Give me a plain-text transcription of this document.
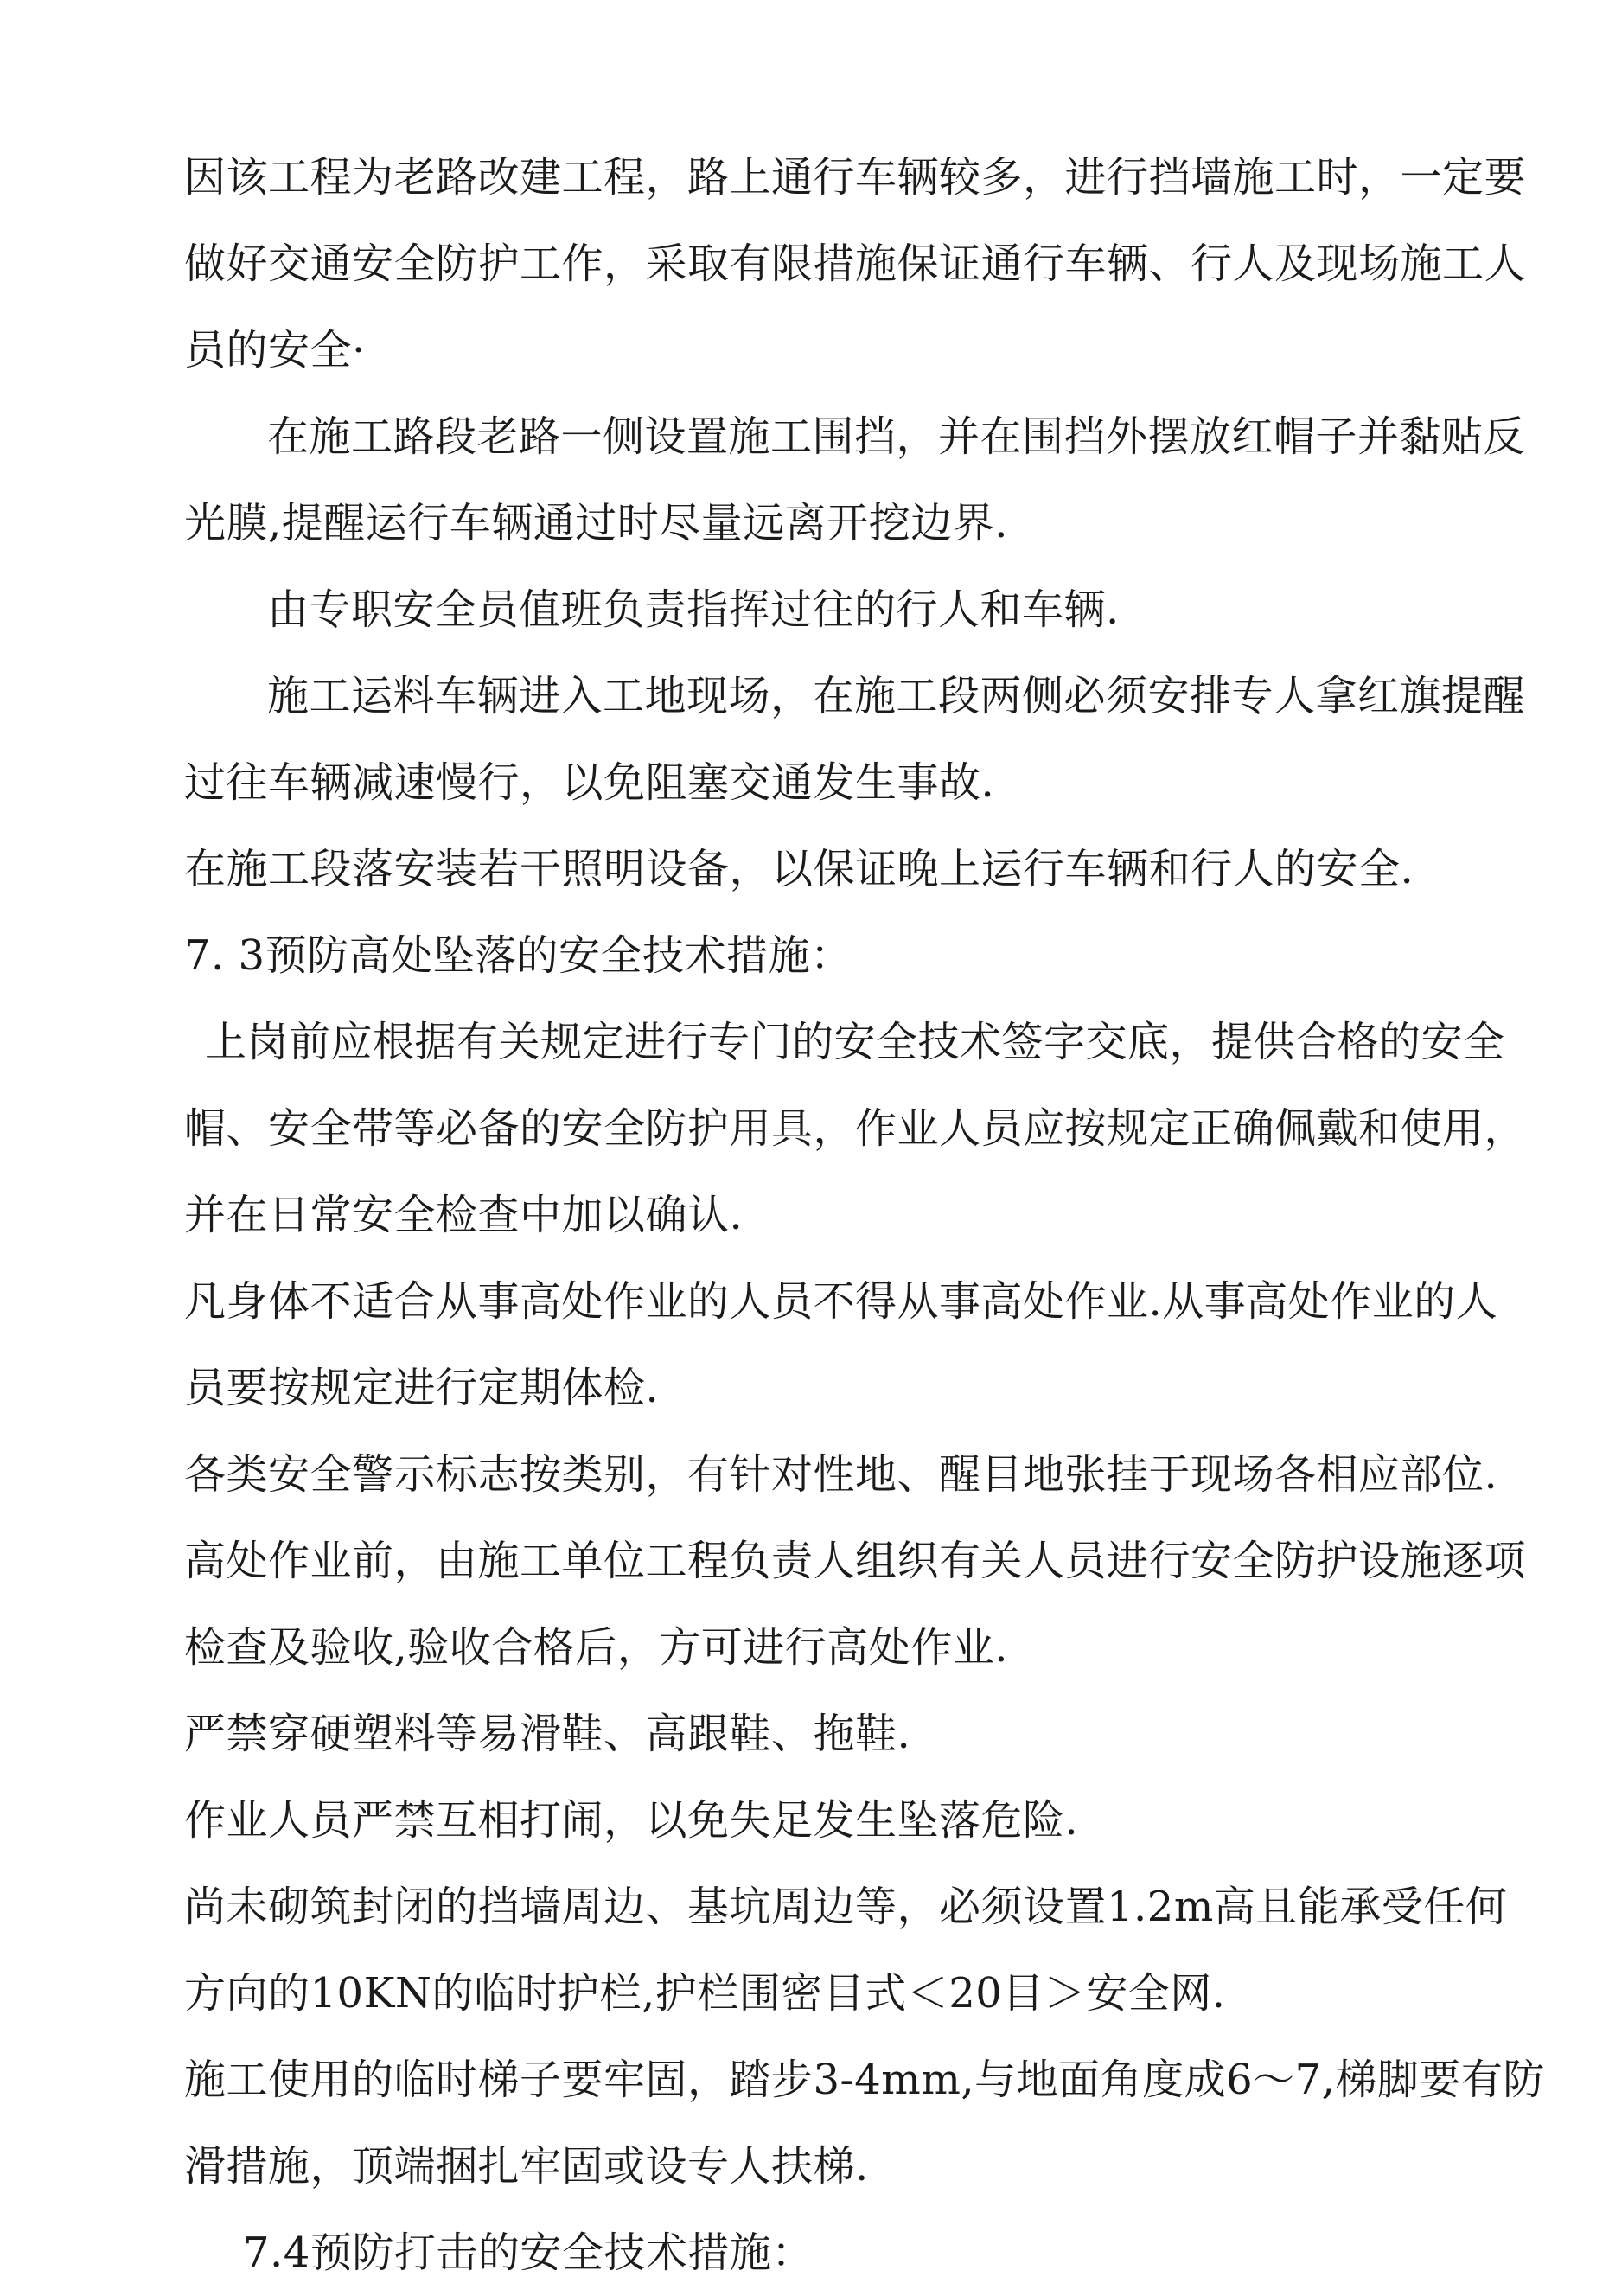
因该工程为老路改建工程，路上通行车辆较多，进行挡墙施工时，一定要
做好交通安全防护工作，采取有限措施保证通行车辆、行人及现场施工人
员的安全·
在施工路段老路一侧设置施工围挡，并在围挡外摆放红帽子并黏贴反
光膜,提醒运行车辆通过时尽量远离开挖边界.
由专职安全员值班负责指挥过往的行人和车辆.
施工运料车辆进入工地现场，在施工段两侧必须安排专人拿红旗提醒
过往车辆减速慢行，以免阻塞交通发生事故.
在施工段落安装若干照明设备，以保证晚上运行车辆和行人的安全.
7. 3预防高处坠落的安全技术措施：
上岗前应根据有关规定进行专门的安全技术签字交底，提供合格的安全
帽、安全带等必备的安全防护用具，作业人员应按规定正确佩戴和使用，
并在日常安全检查中加以确认.
凡身体不适合从事高处作业的人员不得从事高处作业.从事高处作业的人
员要按规定进行定期体检.
各类安全警示标志按类别，有针对性地、醒目地张挂于现场各相应部位.
高处作业前，由施工单位工程负责人组织有关人员进行安全防护设施逐项
检查及验收,验收合格后，方可进行高处作业.
严禁穿硬塑料等易滑鞋、高跟鞋、拖鞋.
作业人员严禁互相打闹，以免失足发生坠落危险.
尚未砌筑封闭的挡墙周边、基坑周边等，必须设置1.2m高且能承受任何
方向的10KN的临时护栏,护栏围密目式＜20目＞安全网.
施工使用的临时梯子要牢固，踏步3-4mm,与地面角度成6〜7,梯脚要有防
滑措施，顶端捆扎牢固或设专人扶梯.
7.4预防打击的安全技术措施：
